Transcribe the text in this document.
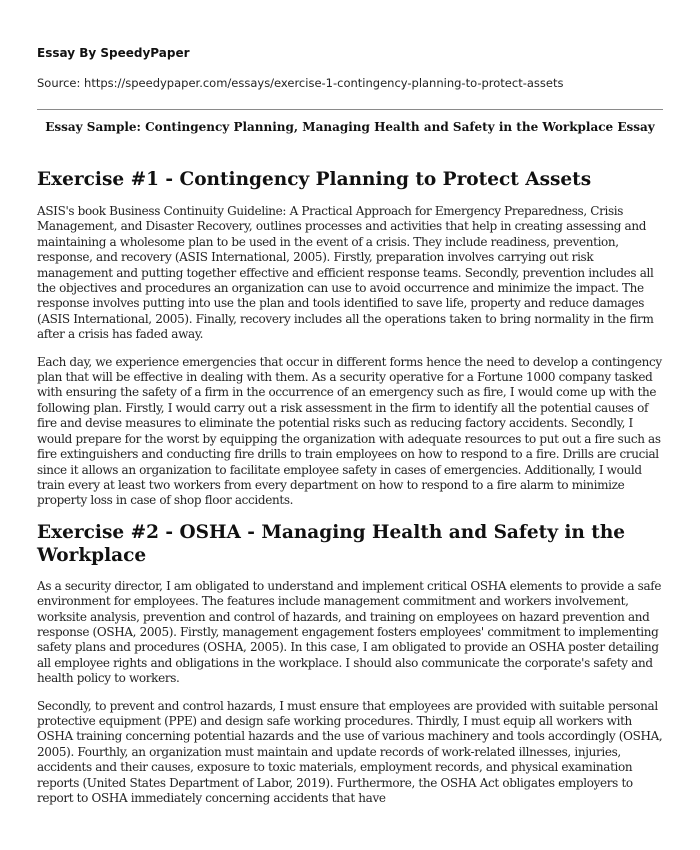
Essay By SpeedyPaper
Source: https://speedypaper.com/essays/exercise-1-contingency-planning-to-protect-assets
Essay Sample: Contingency Planning, Managing Health and Safety in the Workplace Essay
Exercise #1 - Contingency Planning to Protect Assets

ASIS's book Business Continuity Guideline: A Practical Approach for Emergency Preparedness, Crisis Management, and Disaster Recovery, outlines processes and activities that help in creating assessing and maintaining a wholesome plan to be used in the event of a crisis. They include readiness, prevention, response, and recovery (ASIS International, 2005). Firstly, preparation involves carrying out risk management and putting together effective and efficient response teams. Secondly, prevention includes all the objectives and procedures an organization can use to avoid occurrence and minimize the impact. The response involves putting into use the plan and tools identified to save life, property and reduce damages (ASIS International, 2005). Finally, recovery includes all the operations taken to bring normality in the firm after a crisis has faded away.

Each day, we experience emergencies that occur in different forms hence the need to develop a contingency plan that will be effective in dealing with them. As a security operative for a Fortune 1000 company tasked with ensuring the safety of a firm in the occurrence of an emergency such as fire, I would come up with the following plan. Firstly, I would carry out a risk assessment in the firm to identify all the potential causes of fire and devise measures to eliminate the potential risks such as reducing factory accidents. Secondly, I would prepare for the worst by equipping the organization with adequate resources to put out a fire such as fire extinguishers and conducting fire drills to train employees on how to respond to a fire. Drills are crucial since it allows an organization to facilitate employee safety in cases of emergencies. Additionally, I would train every at least two workers from every department on how to respond to a fire alarm to minimize property loss in case of shop floor accidents.

Exercise #2 - OSHA - Managing Health and Safety in the Workplace

As a security director, I am obligated to understand and implement critical OSHA elements to provide a safe environment for employees. The features include management commitment and workers involvement, worksite analysis, prevention and control of hazards, and training on employees on hazard prevention and response (OSHA, 2005). Firstly, management engagement fosters employees' commitment to implementing safety plans and procedures (OSHA, 2005). In this case, I am obligated to provide an OSHA poster detailing all employee rights and obligations in the workplace. I should also communicate the corporate's safety and health policy to workers.

Secondly, to prevent and control hazards, I must ensure that employees are provided with suitable personal protective equipment (PPE) and design safe working procedures. Thirdly, I must equip all workers with OSHA training concerning potential hazards and the use of various machinery and tools accordingly (OSHA, 2005). Fourthly, an organization must maintain and update records of work-related illnesses, injuries, accidents and their causes, exposure to toxic materials, employment records, and physical examination reports (United States Department of Labor, 2019). Furthermore, the OSHA Act obligates employers to report to OSHA immediately concerning accidents that have
